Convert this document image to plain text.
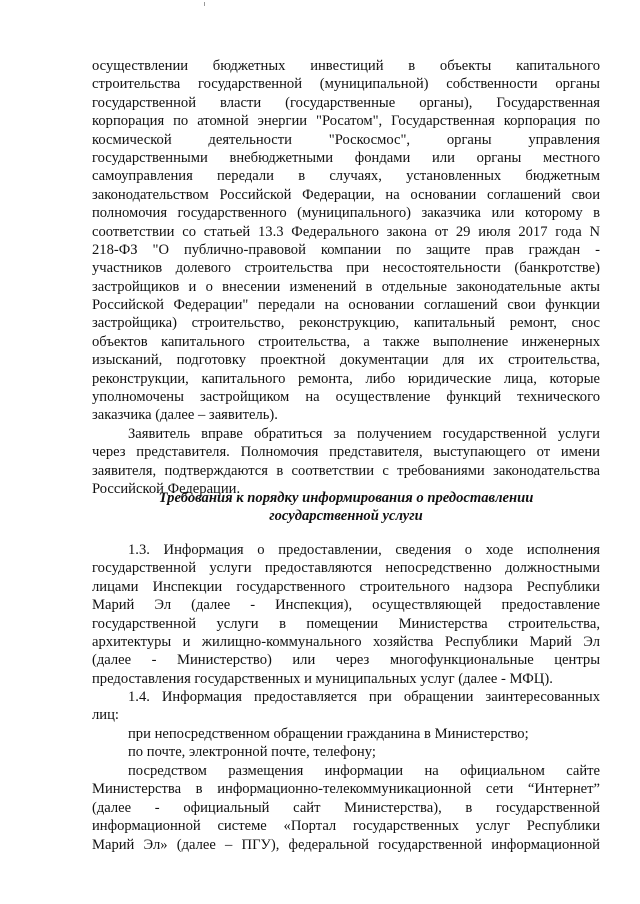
осуществлении бюджетных инвестиций в объекты капитального
строительства государственной (муниципальной) собственности органы
государственной власти (государственные органы), Государственная
корпорация по атомной энергии "Росатом", Государственная корпорация по
космической деятельности "Роскосмос", органы управления
государственными внебюджетными фондами или органы местного
самоуправления передали в случаях, установленных бюджетным
законодательством Российской Федерации, на основании соглашений свои
полномочия государственного (муниципального) заказчика или которому в
соответствии со статьей 13.3 Федерального закона от 29 июля 2017 года N
218-ФЗ "О публично-правовой компании по защите прав граждан -
участников долевого строительства при несостоятельности (банкротстве)
застройщиков и о внесении изменений в отдельные законодательные акты
Российской Федерации" передали на основании соглашений свои функции
застройщика) строительство, реконструкцию, капитальный ремонт, снос
объектов капитального строительства, а также выполнение инженерных
изысканий, подготовку проектной документации для их строительства,
реконструкции, капитального ремонта, либо юридические лица, которые
уполномочены застройщиком на осуществление функций технического
заказчика (далее – заявитель).
Заявитель вправе обратиться за получением государственной услуги
через представителя. Полномочия представителя, выступающего от имени
заявителя, подтверждаются в соответствии с требованиями законодательства
Российской Федерации.
Требования к порядку информирования о предоставлении
государственной услуги
1.3. Информация о предоставлении, сведения о ходе исполнения
государственной услуги предоставляются непосредственно должностными
лицами Инспекции государственного строительного надзора Республики
Марий Эл (далее - Инспекция), осуществляющей предоставление
государственной услуги в помещении Министерства строительства,
архитектуры и жилищно-коммунального хозяйства Республики Марий Эл
(далее - Министерство) или через многофункциональные центры
предоставления государственных и муниципальных услуг (далее - МФЦ).
1.4. Информация предоставляется при обращении заинтересованных
лиц:
при непосредственном обращении гражданина в Министерство;
по почте, электронной почте, телефону;
посредством размещения информации на официальном сайте
Министерства в информационно-телекоммуникационной сети “Интернет”
(далее - официальный сайт Министерства), в государственной
информационной системе «Портал государственных услуг Республики
Марий Эл» (далее – ПГУ), федеральной государственной информационной
